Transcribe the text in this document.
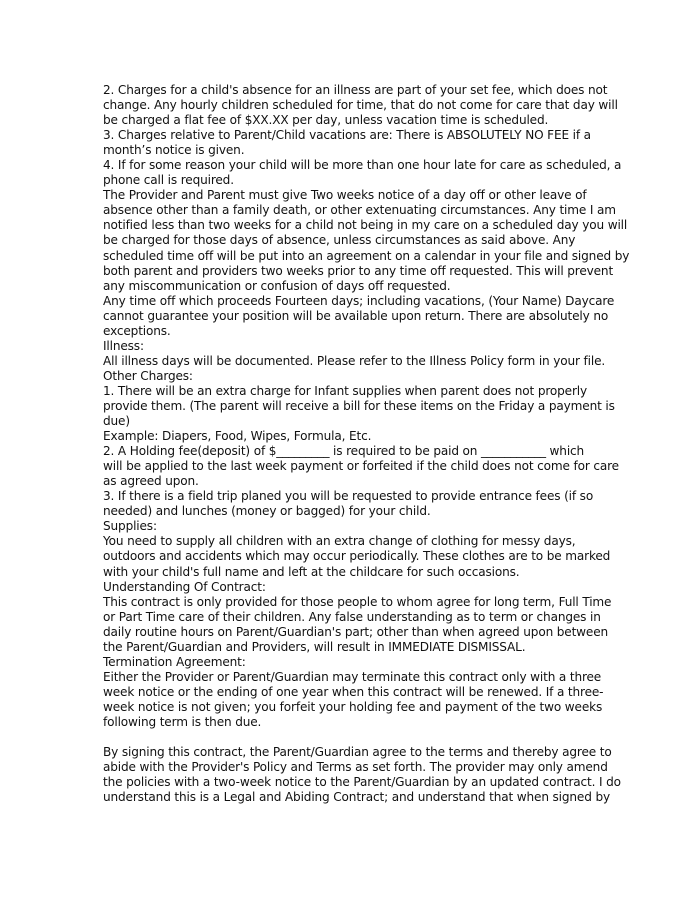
2. Charges for a child's absence for an illness are part of your set fee, which does not
change. Any hourly children scheduled for time, that do not come for care that day will
be charged a flat fee of $XX.XX per day, unless vacation time is scheduled.
3. Charges relative to Parent/Child vacations are: There is ABSOLUTELY NO FEE if a
month’s notice is given.
4. If for some reason your child will be more than one hour late for care as scheduled, a
phone call is required.
The Provider and Parent must give Two weeks notice of a day off or other leave of
absence other than a family death, or other extenuating circumstances. Any time I am
notified less than two weeks for a child not being in my care on a scheduled day you will
be charged for those days of absence, unless circumstances as said above. Any
scheduled time off will be put into an agreement on a calendar in your file and signed by
both parent and providers two weeks prior to any time off requested. This will prevent
any miscommunication or confusion of days off requested.
Any time off which proceeds Fourteen days; including vacations, (Your Name) Daycare
cannot guarantee your position will be available upon return. There are absolutely no
exceptions.
Illness:
All illness days will be documented. Please refer to the Illness Policy form in your file.
Other Charges:
1. There will be an extra charge for Infant supplies when parent does not properly
provide them. (The parent will receive a bill for these items on the Friday a payment is
due)
Example: Diapers, Food, Wipes, Formula, Etc.
2. A Holding fee(deposit) of $_________ is required to be paid on ___________ which
will be applied to the last week payment or forfeited if the child does not come for care
as agreed upon.
3. If there is a field trip planed you will be requested to provide entrance fees (if so
needed) and lunches (money or bagged) for your child.
Supplies:
You need to supply all children with an extra change of clothing for messy days,
outdoors and accidents which may occur periodically. These clothes are to be marked
with your child's full name and left at the childcare for such occasions.
Understanding Of Contract:
This contract is only provided for those people to whom agree for long term, Full Time
or Part Time care of their children. Any false understanding as to term or changes in
daily routine hours on Parent/Guardian's part; other than when agreed upon between
the Parent/Guardian and Providers, will result in IMMEDIATE DISMISSAL.
Termination Agreement:
Either the Provider or Parent/Guardian may terminate this contract only with a three
week notice or the ending of one year when this contract will be renewed. If a three-
week notice is not given; you forfeit your holding fee and payment of the two weeks
following term is then due.
By signing this contract, the Parent/Guardian agree to the terms and thereby agree to
abide with the Provider's Policy and Terms as set forth. The provider may only amend
the policies with a two-week notice to the Parent/Guardian by an updated contract. I do
understand this is a Legal and Abiding Contract; and understand that when signed by
